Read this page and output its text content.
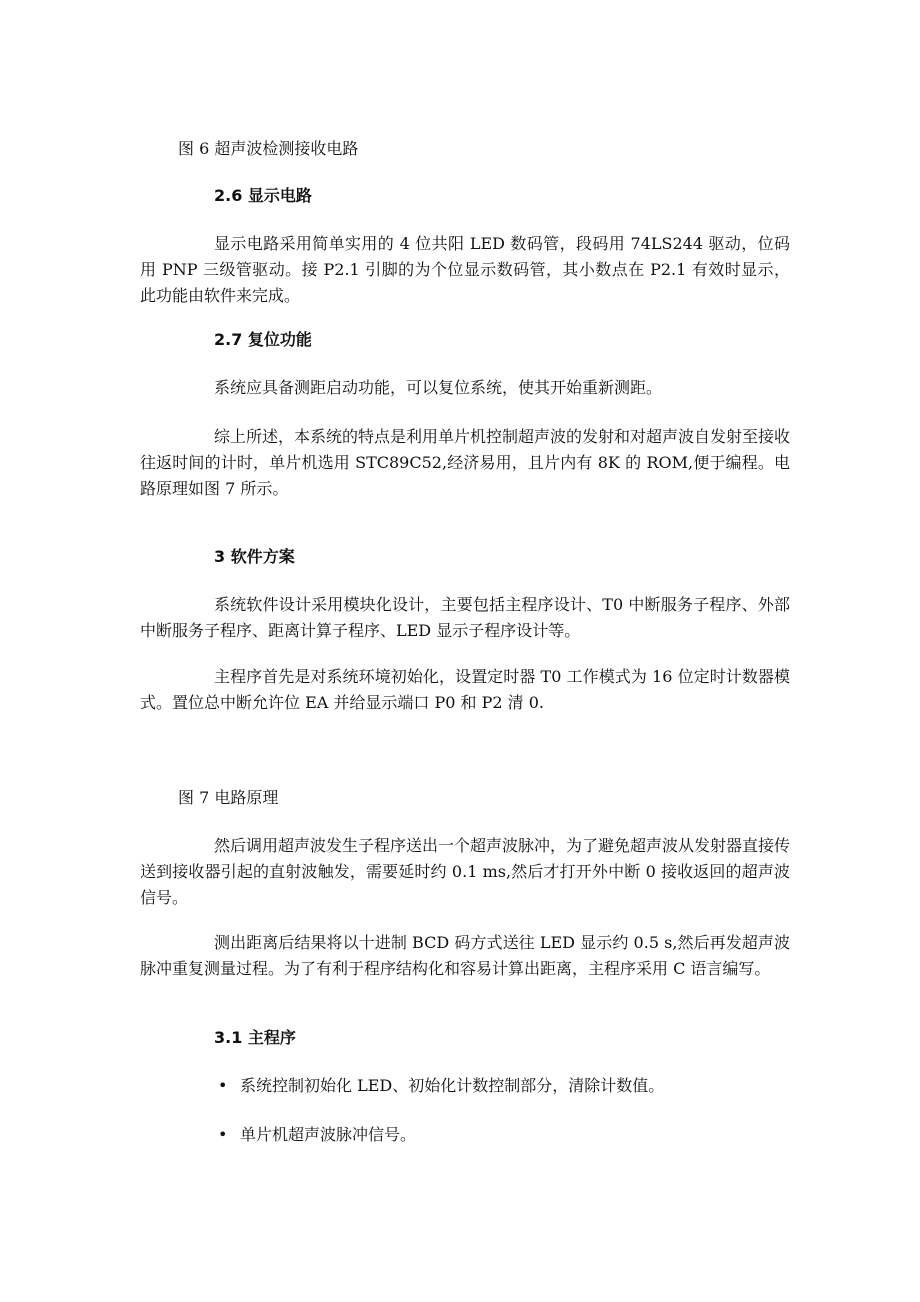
图 6 超声波检测接收电路

2.6 显示电路

显示电路采用简单实用的 4 位共阳 LED 数码管，段码用 74LS244 驱动，位码用 PNP 三级管驱动。接 P2.1 引脚的为个位显示数码管，其小数点在 P2.1 有效时显示，此功能由软件来完成。

2.7 复位功能

系统应具备测距启动功能，可以复位系统，使其开始重新测距。

综上所述，本系统的特点是利用单片机控制超声波的发射和对超声波自发射至接收往返时间的计时，单片机选用 STC89C52,经济易用，且片内有 8K 的 ROM,便于编程。电路原理如图 7 所示。

3 软件方案

系统软件设计采用模块化设计，主要包括主程序设计、T0 中断服务子程序、外部中断服务子程序、距离计算子程序、LED 显示子程序设计等。

主程序首先是对系统环境初始化，设置定时器 T0 工作模式为 16 位定时计数器模式。置位总中断允许位 EA 并给显示端口 P0 和 P2 清 0.

图 7 电路原理

然后调用超声波发生子程序送出一个超声波脉冲，为了避免超声波从发射器直接传送到接收器引起的直射波触发，需要延时约 0.1 ms,然后才打开外中断 0 接收返回的超声波信号。

测出距离后结果将以十进制 BCD 码方式送往 LED 显示约 0.5 s,然后再发超声波脉冲重复测量过程。为了有利于程序结构化和容易计算出距离，主程序采用 C 语言编写。

3.1 主程序

• 系统控制初始化 LED、初始化计数控制部分，清除计数值。

• 单片机超声波脉冲信号。
